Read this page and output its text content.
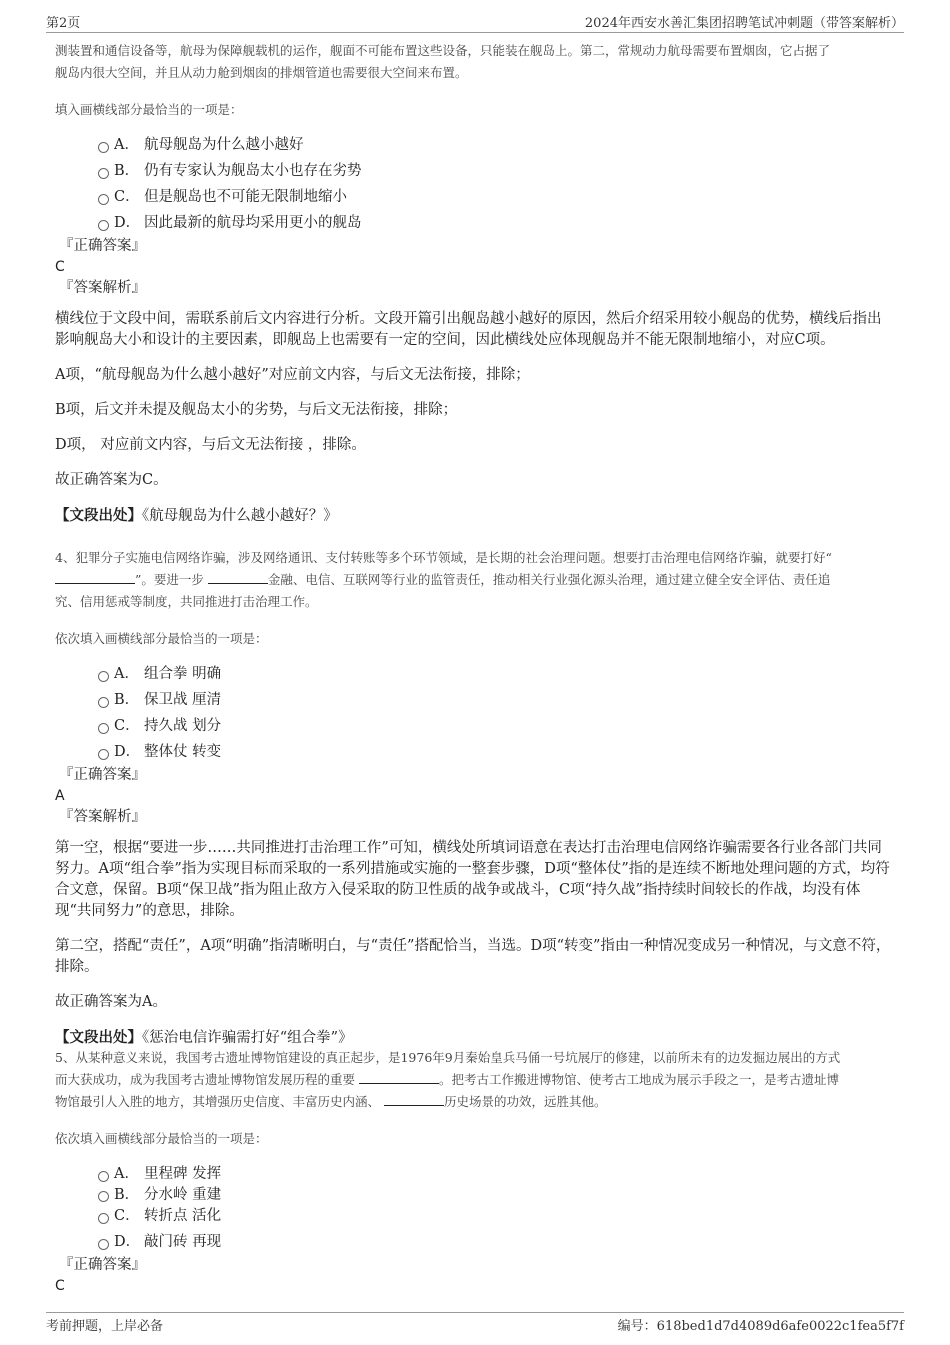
第2页	2024年西安水善汇集团招聘笔试冲刺题（带答案解析）

测装置和通信设备等，航母为保障舰载机的运作，舰面不可能布置这些设备，只能装在舰岛上。第二，常规动力航母需要布置烟囱，它占据了

舰岛内很大空间，并且从动力舱到烟囱的排烟管道也需要很大空间来布置。

填入画横线部分最恰当的一项是：

A． 航母舰岛为什么越小越好
B． 仍有专家认为舰岛太小也存在劣势
C． 但是舰岛也不可能无限制地缩小
D． 因此最新的航母均采用更小的舰岛

『正确答案』

C

『答案解析』

横线位于文段中间，需联系前后文内容进行分析。文段开篇引出舰岛越小越好的原因，然后介绍采用较小舰岛的优势，横线后指出影响舰岛大小和设计的主要因素，即舰岛上也需要有一定的空间，因此横线处应体现舰岛并不能无限制地缩小，对应C项。

A项，“航母舰岛为什么越小越好”对应前文内容，与后文无法衔接，排除；

B项，后文并未提及舰岛太小的劣势，与后文无法衔接，排除；

D项， 对应前文内容，与后文无法衔接 ，排除。

故正确答案为C。

【文段出处】《航母舰岛为什么越小越好？》

4、犯罪分子实施电信网络诈骗，涉及网络通讯、支付转账等多个环节领域，是长期的社会治理问题。想要打击治理电信网络诈骗，就要打好“
”。要进一步	金融、电信、互联网等行业的监管责任，推动相关行业强化源头治理，通过建立健全安全评估、责任追
究、信用惩戒等制度，共同推进打击治理工作。

依次填入画横线部分最恰当的一项是：

A． 组合拳 明确
B． 保卫战 厘清
C． 持久战 划分
D． 整体仗 转变

『正确答案』

A

『答案解析』

第一空，根据“要进一步……共同推进打击治理工作”可知，横线处所填词语意在表达打击治理电信网络诈骗需要各行业各部门共同努力。A项“组合拳”指为实现目标而采取的一系列措施或实施的一整套步骤，D项“整体仗”指的是连续不断地处理问题的方式，均符合文意，保留。B项“保卫战”指为阻止敌方入侵采取的防卫性质的战争或战斗，C项“持久战”指持续时间较长的作战，均没有体现“共同努力”的意思，排除。

第二空，搭配“责任”，A项“明确”指清晰明白，与“责任”搭配恰当，当选。D项“转变”指由一种情况变成另一种情况，与文意不符，排除。

故正确答案为A。

【文段出处】《惩治电信诈骗需打好“组合拳”》

5、从某种意义来说，我国考古遗址博物馆建设的真正起步，是1976年9月秦始皇兵马俑一号坑展厅的修建，以前所未有的边发掘边展出的方式
而大获成功，成为我国考古遗址博物馆发展历程的重要	。把考古工作搬进博物馆、使考古工地成为展示手段之一，是考古遗址博
物馆最引人入胜的地方，其增强历史信度、丰富历史内涵、	历史场景的功效，远胜其他。

依次填入画横线部分最恰当的一项是：

A． 里程碑 发挥
B． 分水岭 重建
C． 转折点 活化
D． 敲门砖 再现

『正确答案』

C

考前押题，上岸必备	编号：618bed1d7d4089d6afe0022c1fea5f7f
